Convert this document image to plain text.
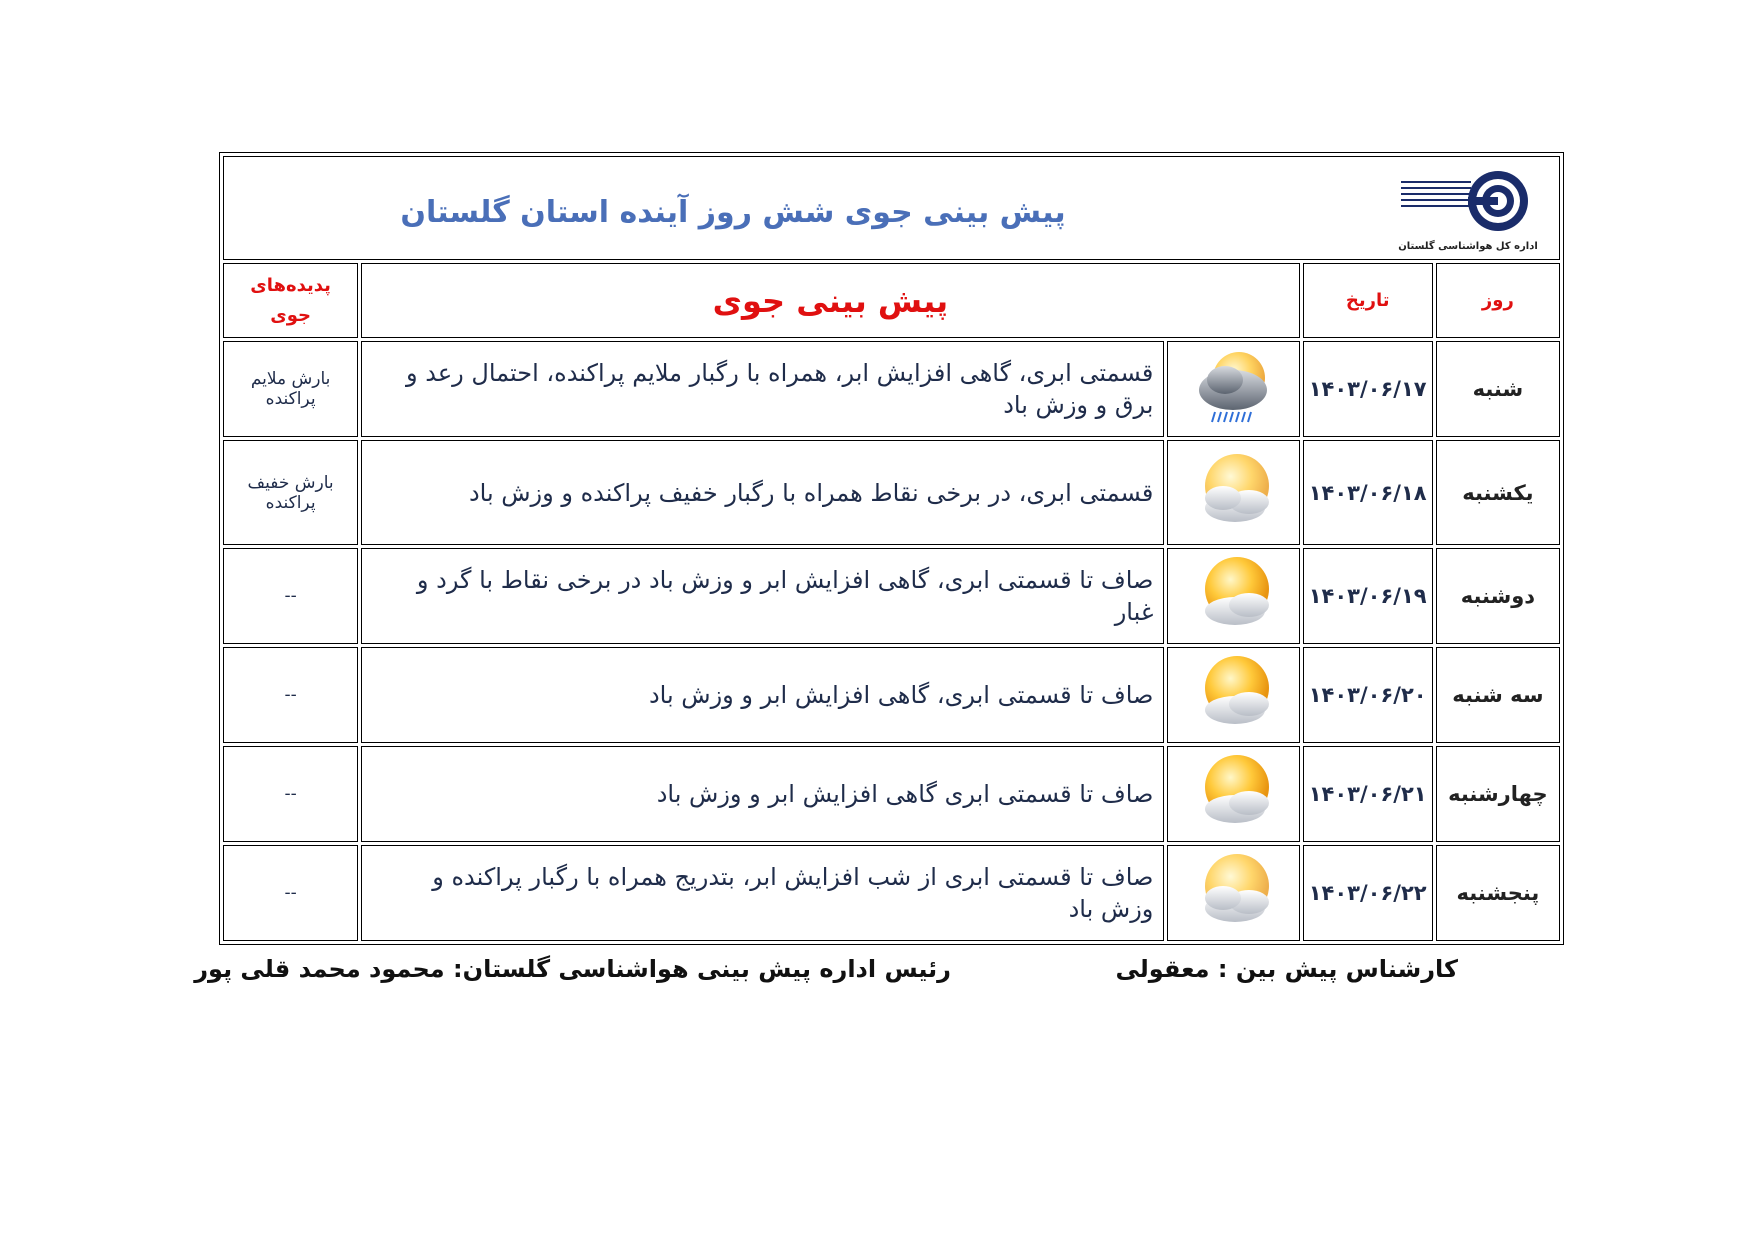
پیش بینی جوی شش روز آینده استان گلستان
اداره کل هواشناسی گلستان				

پدیده‌های
جوی	پیش بینی جوی		تاریخ	روز
بارش ملایم پراکنده	قسمتی ابری، گاهی افزایش ابر، همراه با رگبار ملایم پراکنده، احتمال رعد و برق و وزش باد		۱۴۰۳/۰۶/۱۷	شنبه
بارش خفیف پراکنده	قسمتی ابری، در برخی نقاط همراه با رگبار خفیف پراکنده و وزش باد		۱۴۰۳/۰۶/۱۸	یکشنبه
--	صاف تا قسمتی ابری، گاهی افزایش ابر و وزش باد در برخی نقاط با گرد و غبار		۱۴۰۳/۰۶/۱۹	دوشنبه
--	صاف تا قسمتی ابری، گاهی افزایش ابر و وزش باد		۱۴۰۳/۰۶/۲۰	سه شنبه
--	صاف تا قسمتی ابری گاهی افزایش ابر و وزش باد		۱۴۰۳/۰۶/۲۱	چهارشنبه
--	صاف تا قسمتی ابری از شب افزایش ابر، بتدریج همراه با رگبار پراکنده و وزش باد		۱۴۰۳/۰۶/۲۲	پنجشنبه
کارشناس پیش بین : معقولی
رئیس اداره پیش بینی هواشناسی گلستان: محمود محمد قلی پور
